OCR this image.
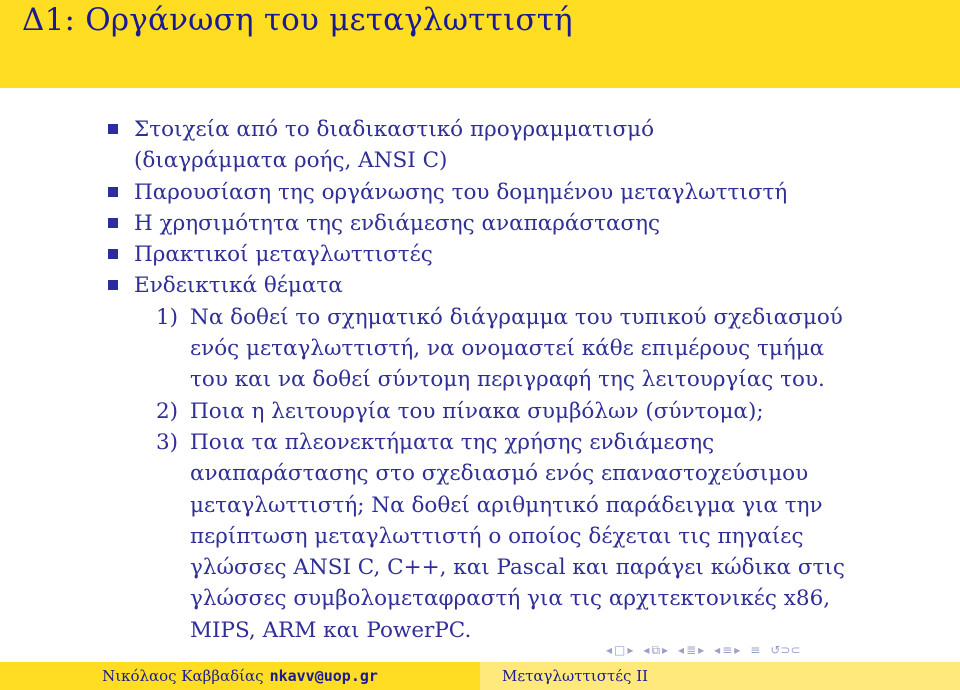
Δ1: Οργάνωση του μεταγλωττιστή
Στοιχεία από το διαδικαστικό προγραμματισμό
(διαγράμματα ροής, ANSI C)
Παρουσίαση της οργάνωσης του δομημένου μεταγλωττιστή
Η χρησιμότητα της ενδιάμεσης αναπαράστασης
Πρακτικοί μεταγλωττιστές
Ενδεικτικά θέματα
1) Να δοθεί το σχηματικό διάγραμμα του τυπικού σχεδιασμού
ενός μεταγλωττιστή, να ονομαστεί κάθε επιμέρους τμήμα
του και να δοθεί σύντομη περιγραφή της λειτουργίας του.
2) Ποια η λειτουργία του πίνακα συμβόλων (σύντομα);
3) Ποια τα πλεονεκτήματα της χρήσης ενδιάμεσης
αναπαράστασης στο σχεδιασμό ενός επαναστοχεύσιμου
μεταγλωττιστή; Να δοθεί αριθμητικό παράδειγμα για την
περίπτωση μεταγλωττιστή ο οποίος δέχεται τις πηγαίες
γλώσσες ANSI C, C++, και Pascal και παράγει κώδικα στις
γλώσσες συμβολομεταφραστή για τις αρχιτεκτονικές x86,
MIPS, ARM και PowerPC.
◂ □ ▸ ◂ ⧉ ▸ ◂ ≣ ▸ ◂ ≡ ▸ ≡ ↺⊃⊂
Νικόλαος Καββαδίας nkavv@uop.gr	Μεταγλωττιστές ΙΙ
